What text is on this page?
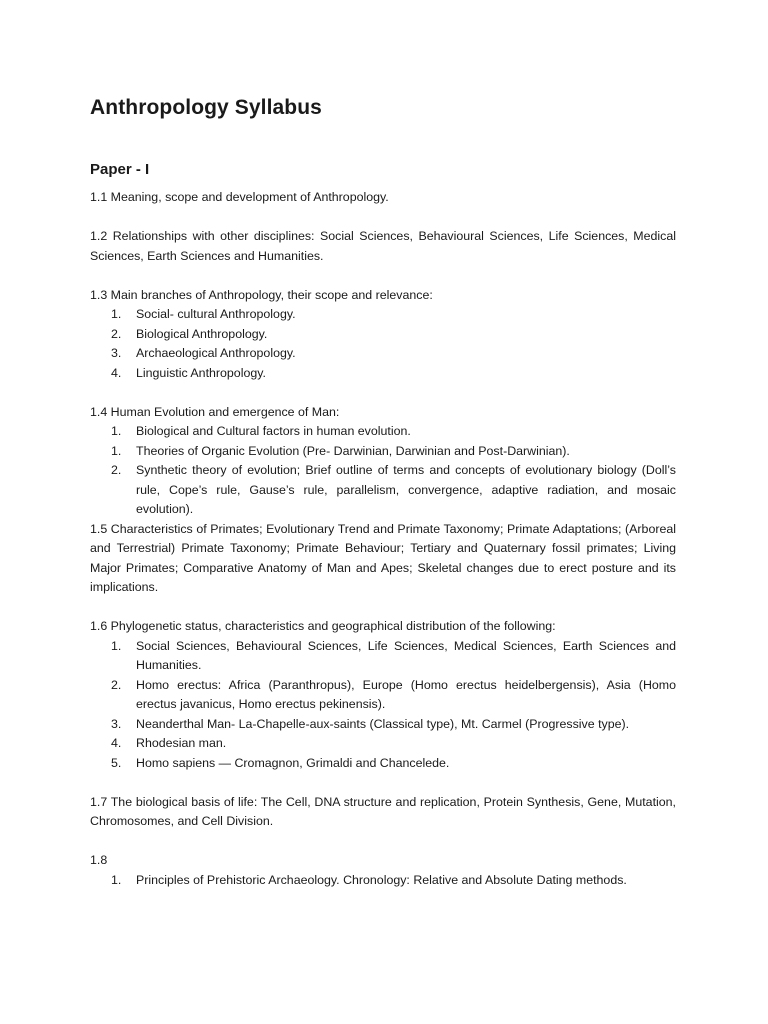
Anthropology Syllabus
Paper - I

1.1 Meaning, scope and development of Anthropology.

1.2 Relationships with other disciplines: Social Sciences, Behavioural Sciences, Life Sciences, Medical Sciences, Earth Sciences and Humanities.

1.3 Main branches of Anthropology, their scope and relevance:

1.	Social- cultural Anthropology.
2.	Biological Anthropology.
3.	Archaeological Anthropology.
4.	Linguistic Anthropology.

1.4 Human Evolution and emergence of Man:

1.	Biological and Cultural factors in human evolution.
1.	Theories of Organic Evolution (Pre- Darwinian, Darwinian and Post-Darwinian).
2.	Synthetic theory of evolution; Brief outline of terms and concepts of evolutionary biology (Doll’s rule, Cope’s rule, Gause’s rule, parallelism, convergence, adaptive radiation, and mosaic evolution).

1.5 Characteristics of Primates; Evolutionary Trend and Primate Taxonomy; Primate Adaptations; (Arboreal and Terrestrial) Primate Taxonomy; Primate Behaviour; Tertiary and Quaternary fossil primates; Living Major Primates; Comparative Anatomy of Man and Apes; Skeletal changes due to erect posture and its implications.

1.6 Phylogenetic status, characteristics and geographical distribution of the following:

1.	Social Sciences, Behavioural Sciences, Life Sciences, Medical Sciences, Earth Sciences and Humanities.
2.	Homo erectus: Africa (Paranthropus), Europe (Homo erectus heidelbergensis), Asia (Homo erectus javanicus, Homo erectus pekinensis).
3.	Neanderthal Man- La-Chapelle-aux-saints (Classical type), Mt. Carmel (Progressive type).
4.	Rhodesian man.
5.	Homo sapiens — Cromagnon, Grimaldi and Chancelede.

1.7 The biological basis of life: The Cell, DNA structure and replication, Protein Synthesis, Gene, Mutation, Chromosomes, and Cell Division.

1.8

1.	Principles of Prehistoric Archaeology. Chronology: Relative and Absolute Dating methods.
